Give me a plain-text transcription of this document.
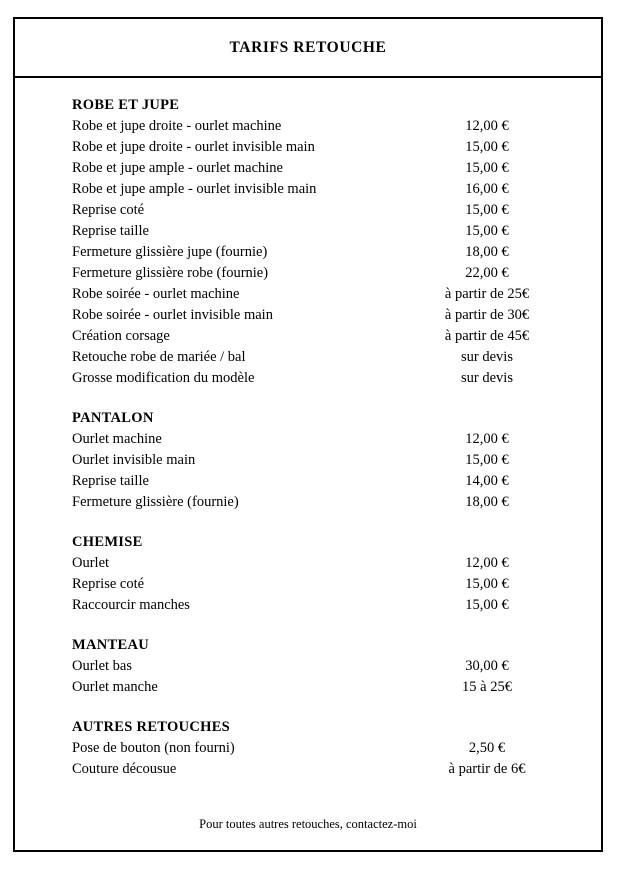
TARIFS RETOUCHE
ROBE ET JUPE
Robe et jupe droite - ourlet machine	12,00 €
Robe et jupe droite - ourlet invisible main	15,00 €
Robe et jupe ample - ourlet machine	15,00 €
Robe et jupe ample - ourlet invisible main	16,00 €
Reprise coté	15,00 €
Reprise taille	15,00 €
Fermeture glissière jupe (fournie)	18,00 €
Fermeture glissière robe (fournie)	22,00 €
Robe soirée - ourlet machine	à partir de 25€
Robe soirée - ourlet invisible main	à partir de 30€
Création corsage	à partir de 45€
Retouche robe de mariée / bal	sur devis
Grosse modification du modèle	sur devis
PANTALON
Ourlet machine	12,00 €
Ourlet invisible main	15,00 €
Reprise taille	14,00 €
Fermeture glissière (fournie)	18,00 €
CHEMISE
Ourlet	12,00 €
Reprise coté	15,00 €
Raccourcir manches	15,00 €
MANTEAU
Ourlet bas	30,00 €
Ourlet manche	15 à 25€
AUTRES RETOUCHES
Pose de bouton (non fourni)	2,50 €
Couture décousue	à partir de 6€
Pour toutes autres retouches, contactez-moi
